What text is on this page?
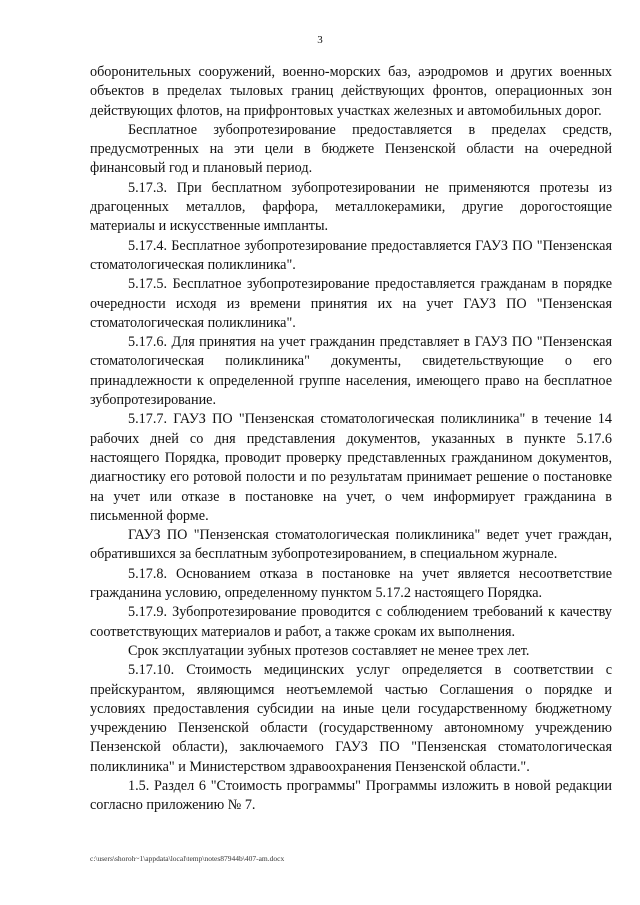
3

оборонительных сооружений, военно-морских баз, аэродромов и других военных объектов в пределах тыловых границ действующих фронтов, операционных зон действующих флотов, на прифронтовых участках железных и автомобильных дорог.

Бесплатное зубопротезирование предоставляется в пределах средств, предусмотренных на эти цели в бюджете Пензенской области на очередной финансовый год и плановый период.

5.17.3. При бесплатном зубопротезировании не применяются протезы из драгоценных металлов, фарфора, металлокерамики, другие дорогостоящие материалы и искусственные импланты.

5.17.4. Бесплатное зубопротезирование предоставляется ГАУЗ ПО "Пензенская стоматологическая поликлиника".

5.17.5. Бесплатное зубопротезирование предоставляется гражданам в порядке очередности исходя из времени принятия их на учет ГАУЗ ПО "Пензенская стоматологическая поликлиника".

5.17.6. Для принятия на учет гражданин представляет в ГАУЗ ПО "Пензенская стоматологическая поликлиника" документы, свидетельствующие о его принадлежности к определенной группе населения, имеющего право на бесплатное зубопротезирование.

5.17.7. ГАУЗ ПО "Пензенская стоматологическая поликлиника" в течение 14 рабочих дней со дня представления документов, указанных в пункте 5.17.6 настоящего Порядка, проводит проверку представленных гражданином документов, диагностику его ротовой полости и по результатам принимает решение о постановке на учет или отказе в постановке на учет, о чем информирует гражданина в письменной форме.

ГАУЗ ПО "Пензенская стоматологическая поликлиника" ведет учет граждан, обратившихся за бесплатным зубопротезированием, в специальном журнале.

5.17.8. Основанием отказа в постановке на учет является несоответствие гражданина условию, определенному пунктом 5.17.2 настоящего Порядка.

5.17.9. Зубопротезирование проводится с соблюдением требований к качеству соответствующих материалов и работ, а также срокам их выполнения.

Срок эксплуатации зубных протезов составляет не менее трех лет.

5.17.10. Стоимость медицинских услуг определяется в соответствии с прейскурантом, являющимся неотъемлемой частью Соглашения о порядке и условиях предоставления субсидии на иные цели государственному бюджетному учреждению Пензенской области (государственному автономному учреждению Пензенской области), заключаемого ГАУЗ ПО "Пензенская стоматологическая поликлиника" и Министерством здравоохранения Пензенской области.".

1.5. Раздел 6 "Стоимость программы" Программы изложить в новой редакции согласно приложению № 7.

c:\users\shoroh~1\appdata\local\temp\notes87944b\407-am.docx
